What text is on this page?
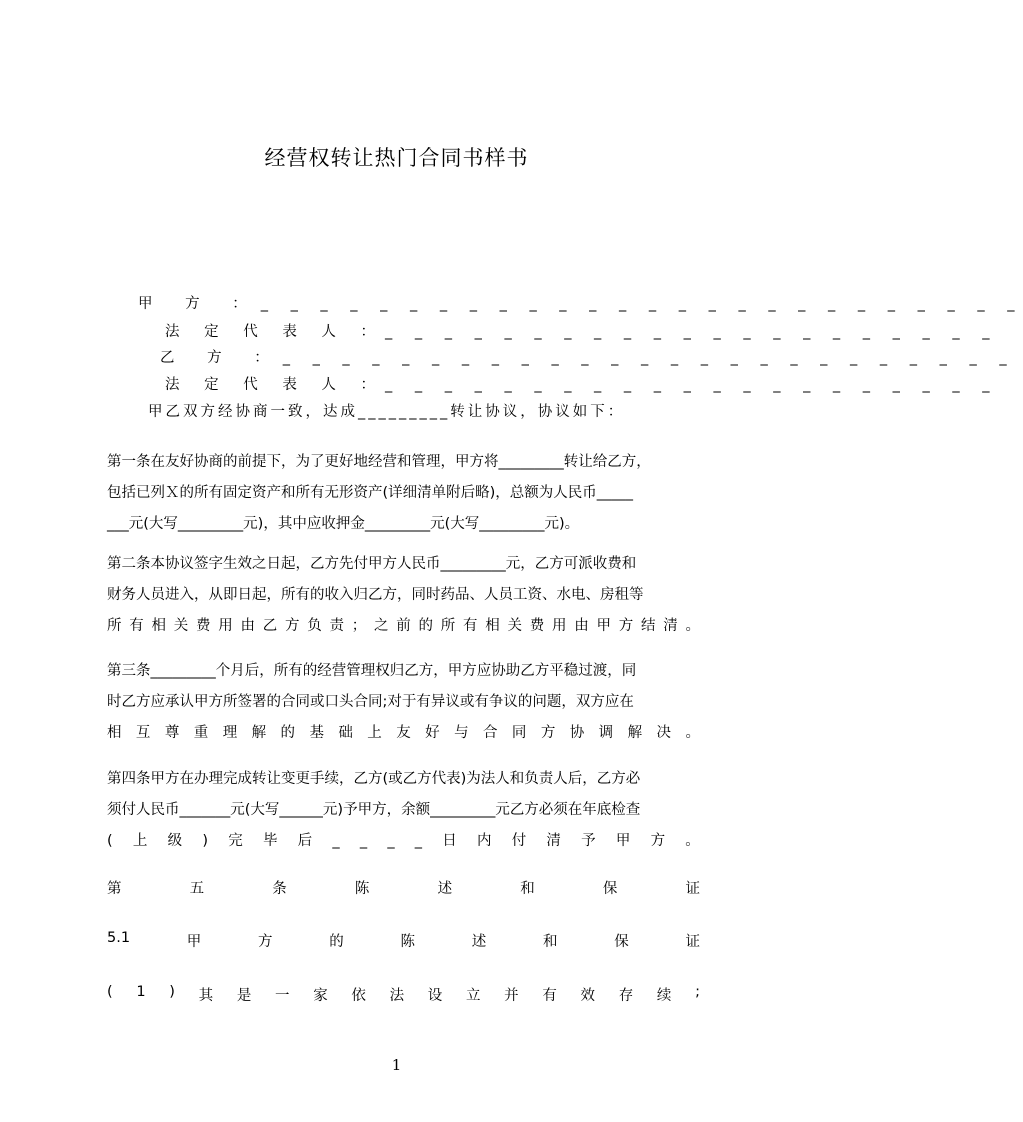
经营权转让热门合同书样书
甲 方 ： _ _ _ _ _ _ _ _ _ _ _ _ _ _ _ _ _ _ _ _ _ _ _ _ _ _
法 定 代 表 人 ： _ _ _ _ _ _ _ _ _ _ _ _ _ _ _ _ _ _ _ _ _
乙 方 ： _ _ _ _ _ _ _ _ _ _ _ _ _ _ _ _ _ _ _ _ _ _ _ _ _
法 定 代 表 人 ： _ _ _ _ _ _ _ _ _ _ _ _ _ _ _ _ _ _ _ _ _
甲乙双方经协商一致，达成_________转让协议，协议如下：
第一条在友好协商的前提下，为了更好地经营和管理，甲方将_________转让给乙方，
包括已列Ｘ的所有固定资产和所有无形资产(详细清单附后略)，总额为人民币_____
___元(大写_________元)，其中应收押金_________元(大写_________元)。
第二条本协议签字生效之日起，乙方先付甲方人民币_________元，乙方可派收费和
财务人员进入，从即日起，所有的收入归乙方，同时药品、人员工资、水电、房租等
所 有 相 关 费 用 由 乙 方 负 责 ； 之 前 的 所 有 相 关 费 用 由 甲 方 结 清 。
第三条_________个月后，所有的经营管理权归乙方，甲方应协助乙方平稳过渡，同
时乙方应承认甲方所签署的合同或口头合同;对于有异议或有争议的问题，双方应在
相 互 尊 重 理 解 的 基 础 上 友 好 与 合 同 方 协 调 解 决 。
第四条甲方在办理完成转让变更手续，乙方(或乙方代表)为法人和负责人后，乙方必
须付人民币_______元(大写______元)予甲方，余额_________元乙方必须在年底检查
( 上 级 ) 完 毕 后 _ _ _ _ 日 内 付 清 予 甲 方 。
第	五	条	陈	述	和	保	证
5.1	甲	方	的	陈	述	和	保	证
( 1 ) 其 是 一 家 依 法 设 立 并 有 效 存 续 ;
1
